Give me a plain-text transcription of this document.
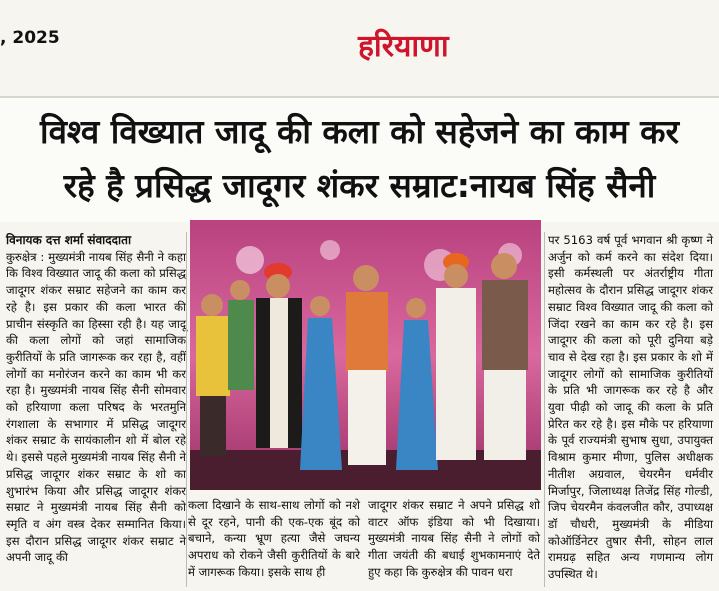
, 2025	हरियाणा
विश्व विख्यात जादू की कला को सहेजने का काम कर
रहे है प्रसिद्ध जादूगर शंकर सम्राट:नायब सिंह सैनी
विनायक दत्त शर्मा संवाददाता
कुरुक्षेत्र : मुख्यमंत्री नायब सिंह सैनी ने कहा कि विश्व विख्यात जादू की कला को प्रसिद्ध जादूगर शंकर सम्राट सहेजने का काम कर रहे है। इस प्रकार की कला भारत की प्राचीन संस्कृति का हिस्सा रही है। यह जादू की कला लोगों को जहां सामाजिक कुरीतियों के प्रति जागरूक कर रहा है, वहीं लोगों का मनोरंजन करने का काम भी कर रहा है। मुख्यमंत्री नायब सिंह सैनी सोमवार को हरियाणा कला परिषद के भरतमुनि रंगशाला के सभागार में प्रसिद्ध जादूगर शंकर सम्राट के सायंकालीन शो में बोल रहे थे। इससे पहले मुख्यमंत्री नायब सिंह सैनी ने प्रसिद्ध जादूगर शंकर सम्राट के शो का शुभारंभ किया और प्रसिद्ध जादूगर शंकर सम्राट ने मुख्यमंत्री नायब सिंह सैनी को स्मृति व अंग वस्त्र देकर सम्मानित किया। इस दौरान प्रसिद्ध जादूगर शंकर सम्राट ने अपनी जादू की
कला दिखाने के साथ-साथ लोगों को नशे से दूर रहने, पानी की एक-एक बूंद को बचाने, कन्या भ्रूण हत्या जैसे जघन्य अपराध को रोकने जैसी कुरीतियों के बारे में जागरूक किया। इसके साथ ही
जादूगर शंकर सम्राट ने अपने प्रसिद्ध शो वाटर ऑफ इंडिया को भी दिखाया। मुख्यमंत्री नायब सिंह सैनी ने लोगों को गीता जयंती की बधाई शुभकामनाएं देते हुए कहा कि कुरुक्षेत्र की पावन धरा
पर 5163 वर्ष पूर्व भगवान श्री कृष्ण ने अर्जुन को कर्म करने का संदेश दिया। इसी कर्मस्थली पर अंतर्राष्ट्रीय गीता महोत्सव के दौरान प्रसिद्ध जादूगर शंकर सम्राट विश्व विख्यात जादू की कला को जिंदा रखने का काम कर रहे है। इस जादूगर की कला को पूरी दुनिया बड़े चाव से देख रहा है। इस प्रकार के शो में जादूगर लोगों को सामाजिक कुरीतियों के प्रति भी जागरूक कर रहे है और युवा पीढ़ी को जादू की कला के प्रति प्रेरित कर रहे है। इस मौके पर हरियाणा के पूर्व राज्यमंत्री सुभाष सुधा, उपायुक्त विश्राम कुमार मीणा, पुलिस अधीक्षक नीतीश अग्रवाल, चेयरमैन धर्मवीर मिर्जापुर, जिलाध्यक्ष तिजेंद्र सिंह गोल्डी, जिप चेयरमैन कंवलजीत कौर, उपाध्यक्ष डॉ चौधरी, मुख्यमंत्री के मीडिया कोऑर्डिनेटर तुषार सैनी, सोहन लाल रामग्रढ़ सहित अन्य गणमान्य लोग उपस्थित थे।
